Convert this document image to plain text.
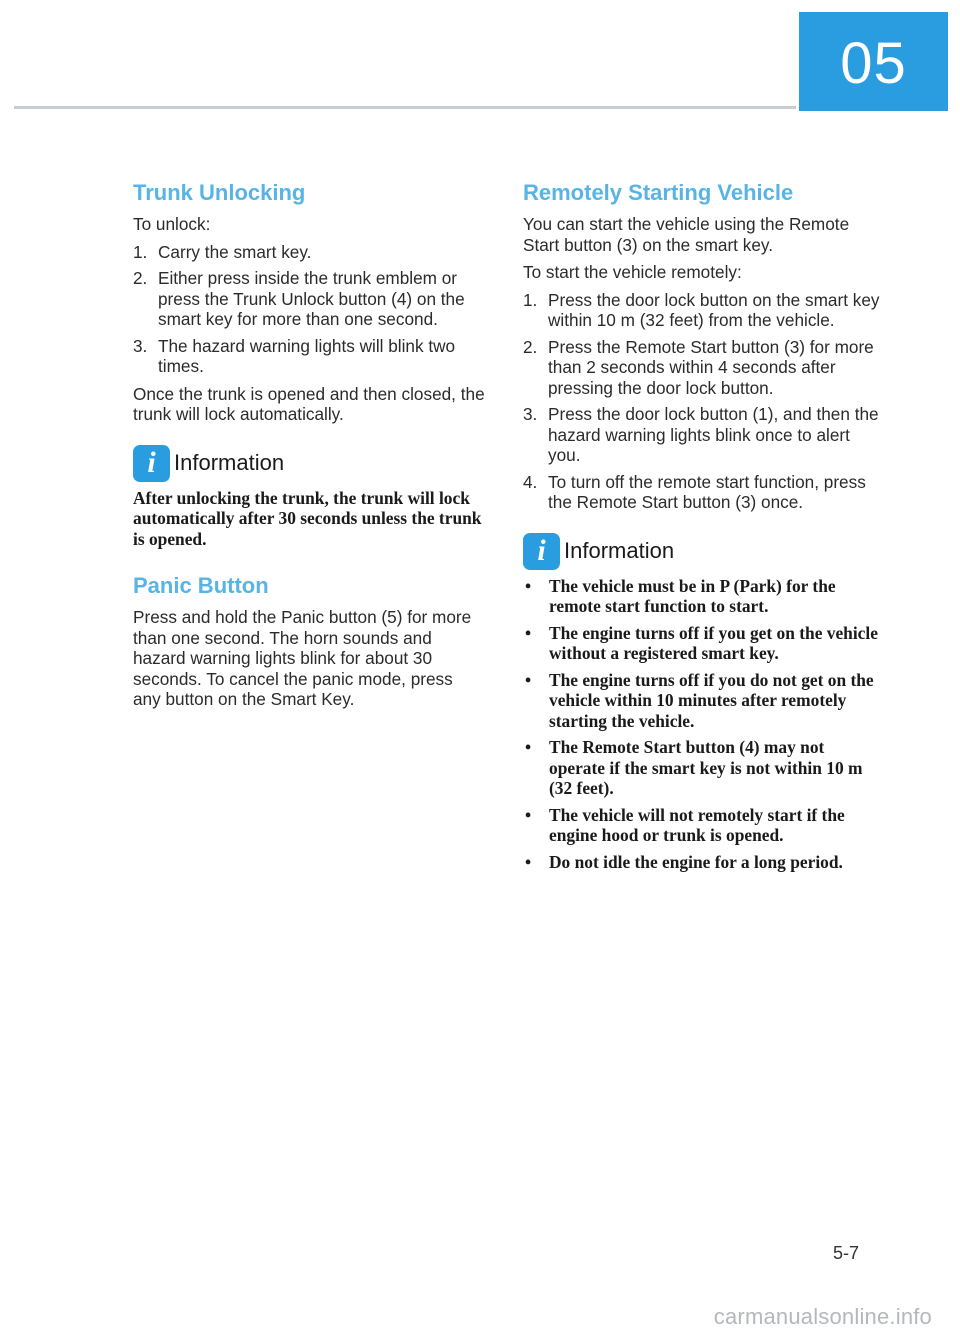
05
Trunk Unlocking

To unlock:

1. Carry the smart key.
2. Either press inside the trunk emblem or press the Trunk Unlock button (4) on the smart key for more than one second.
3. The hazard warning lights will blink two times.

Once the trunk is opened and then closed, the trunk will lock automatically.

i Information

After unlocking the trunk, the trunk will lock automatically after 30 seconds unless the trunk is opened.

Panic Button

Press and hold the Panic button (5) for more than one second. The horn sounds and hazard warning lights blink for about 30 seconds. To cancel the panic mode, press any button on the Smart Key.

Remotely Starting Vehicle

You can start the vehicle using the Remote Start button (3) on the smart key.

To start the vehicle remotely:

1. Press the door lock button on the smart key within 10 m (32 feet) from the vehicle.
2. Press the Remote Start button (3) for more than 2 seconds within 4 seconds after pressing the door lock button.
3. Press the door lock button (1), and then the hazard warning lights blink once to alert you.
4. To turn off the remote start function, press the Remote Start button (3) once.
i Information
•	The vehicle must be in P (Park) for the remote start function to start.
•	The engine turns off if you get on the vehicle without a registered smart key.
•	The engine turns off if you do not get on the vehicle within 10 minutes after remotely starting the vehicle.
•	The Remote Start button (4) may not operate if the smart key is not within 10 m (32 feet).
•	The vehicle will not remotely start if the engine hood or trunk is opened.
•	Do not idle the engine for a long period.
5-7
carmanualsonline.info
